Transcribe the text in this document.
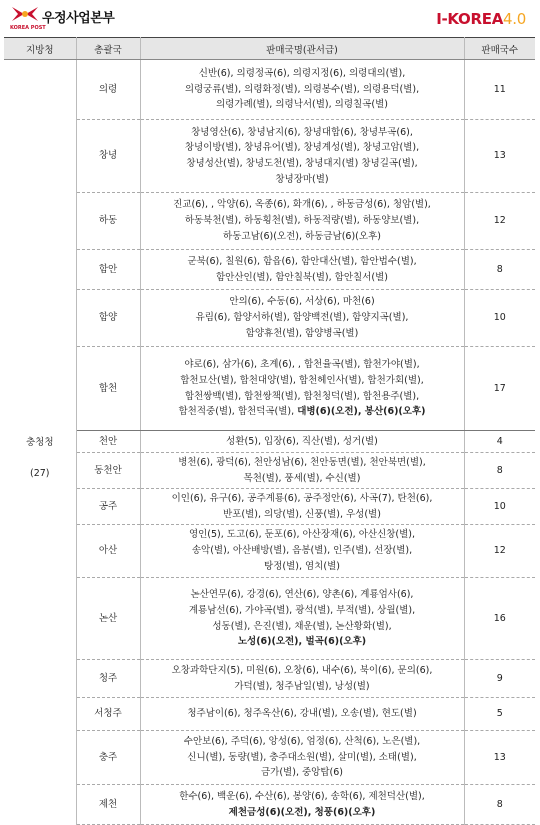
우정사업본부
KOREA POST	I-KOREA4.0
지방청	총괄국	판매국명(관서급)	판매국수
	의령	신반(6), 의령정곡(6), 의령지정(6), 의령대의(별),
의령궁류(별), 의령화정(별), 의령봉수(별), 의령용덕(별),
의령가례(별), 의령낙서(별), 의령칠곡(별)	11
	창녕	창녕영산(6), 창녕남지(6), 창녕대합(6), 창녕부곡(6),
창녕이방(별), 창녕유어(별), 창녕계성(별), 창녕고암(별),
창녕성산(별), 창녕도천(별), 창녕대지(별) 창녕길곡(별),
창녕장마(별)	13
	하동	진교(6), , 악양(6), 옥종(6), 화개(6), , 하동금성(6), 청암(별),
하동북천(별), 하동횡천(별), 하동적량(별), 하동양보(별),
하동고남(6)(오전), 하동금남(6)(오후)	12
	함안	군북(6), 칠원(6), 함읍(6), 함안대산(별), 함안법수(별),
함안산인(별), 함안칠북(별), 함안칠서(별)	8
	함양	안의(6), 수동(6), 서상(6), 마천(6)
유림(6), 함양서하(별), 함양백전(별), 함양지곡(별),
함양휴천(별), 함양병곡(별)	10
	합천	야로(6), 삼가(6), 초계(6), , 합천율곡(별), 합천가야(별),
합천묘산(별), 합천대양(별), 합천헤인사(별), 합천가회(별),
합천쌍백(별), 합천쌍책(별), 합천청덕(별), 합천용주(별),
합천적중(별), 합천덕곡(별), 대병(6)(오전), 봉산(6)(오후)	17

충청청
(27)	천안	성환(5), 입장(6), 직산(별), 성거(별)	4
	동천안	병천(6), 광덕(6), 천안성남(6), 천안동면(별), 천안북면(별),
목천(별), 풍세(별), 수신(별)	8
	공주	이인(6), 유구(6), 공주계룡(6), 공주정안(6), 사곡(7), 탄천(6),
반포(별), 의당(별), 신풍(별), 우성(별)	10
	아산	영인(5), 도고(6), 둔포(6), 아산장재(6), 아산신창(별),
송악(별), 아산배방(별), 음봉(별), 인주(별), 선장(별),
탕정(별), 염치(별)	12
	논산	논산연무(6), 강경(6), 연산(6), 양촌(6), 계룡엄사(6),
계룡남선(6), 가야곡(별), 광석(별), 부적(별), 상월(별),
성동(별), 은진(별), 채운(별), 논산황화(별),
노성(6)(오전), 벌곡(6)(오후)	16
	청주	오창과학단지(5), 미원(6), 오창(6), 내수(6), 북이(6), 문의(6),
가덕(별), 청주남일(별), 낭성(별)	9
	서청주	청주남이(6), 청주옥산(6), 강내(별), 오송(별), 현도(별)	5
	충주	수안보(6), 주덕(6), 앙성(6), 엄정(6), 산척(6), 노은(별),
신니(별), 동량(별), 충주대소원(별), 살미(별), 소태(별),
금가(별), 중앙탑(6)	13
	제천	한수(6), 백운(6), 수산(6), 봉양(6), 송학(6), 제천덕산(별),
제천금성(6)(오전), 청풍(6)(오후)	8
